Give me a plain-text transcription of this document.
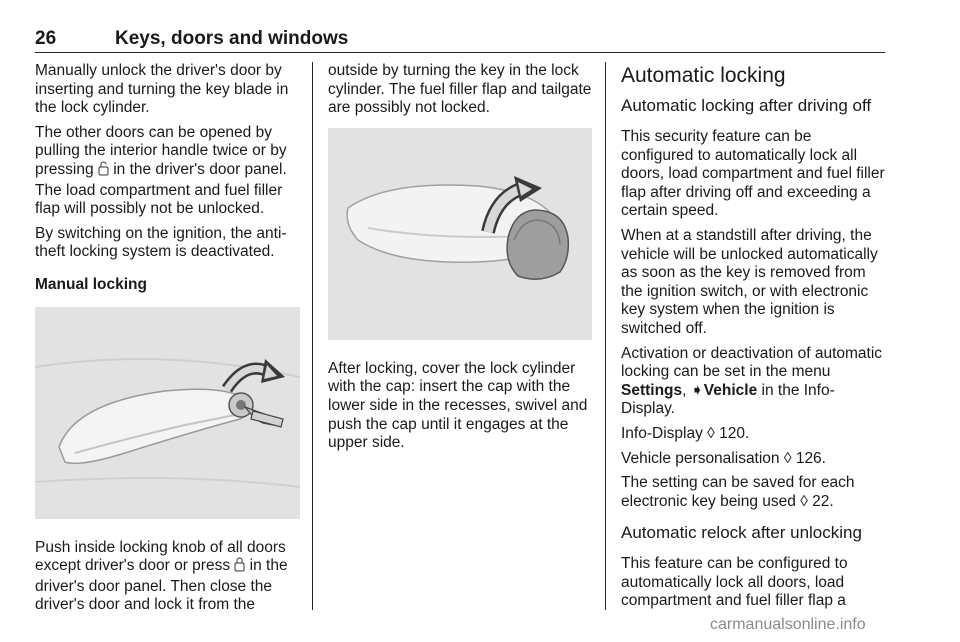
26	Keys, doors and windows

Manually unlock the driver's door by inserting and turning the key blade in the lock cylinder.

The other doors can be opened by pulling the interior handle twice or by pressing  in the driver's door panel. The load compartment and fuel filler flap will possibly not be unlocked.

By switching on the ignition, the anti-theft locking system is deactivated.

Manual locking

Push inside locking knob of all doors except driver's door or press  in the driver's door panel. Then close the driver's door and lock it from the

outside by turning the key in the lock cylinder. The fuel filler flap and tailgate are possibly not locked.

After locking, cover the lock cylinder with the cap: insert the cap with the lower side in the recesses, swivel and push the cap until it engages at the upper side.

Automatic locking
Automatic locking after driving off

This security feature can be configured to automatically lock all doors, load compartment and fuel filler flap after driving off and exceeding a certain speed.

When at a standstill after driving, the vehicle will be unlocked automatically as soon as the key is removed from the ignition switch, or with electronic key system when the ignition is switched off.

Activation or deactivation of automatic locking can be set in the menu Settings, ➧Vehicle in the Info-Display.

Info-Display ◊ 120.

Vehicle personalisation ◊ 126.

The setting can be saved for each electronic key being used ◊ 22.

Automatic relock after unlocking

This feature can be configured to automatically lock all doors, load compartment and fuel filler flap a

carmanualsonline.info
